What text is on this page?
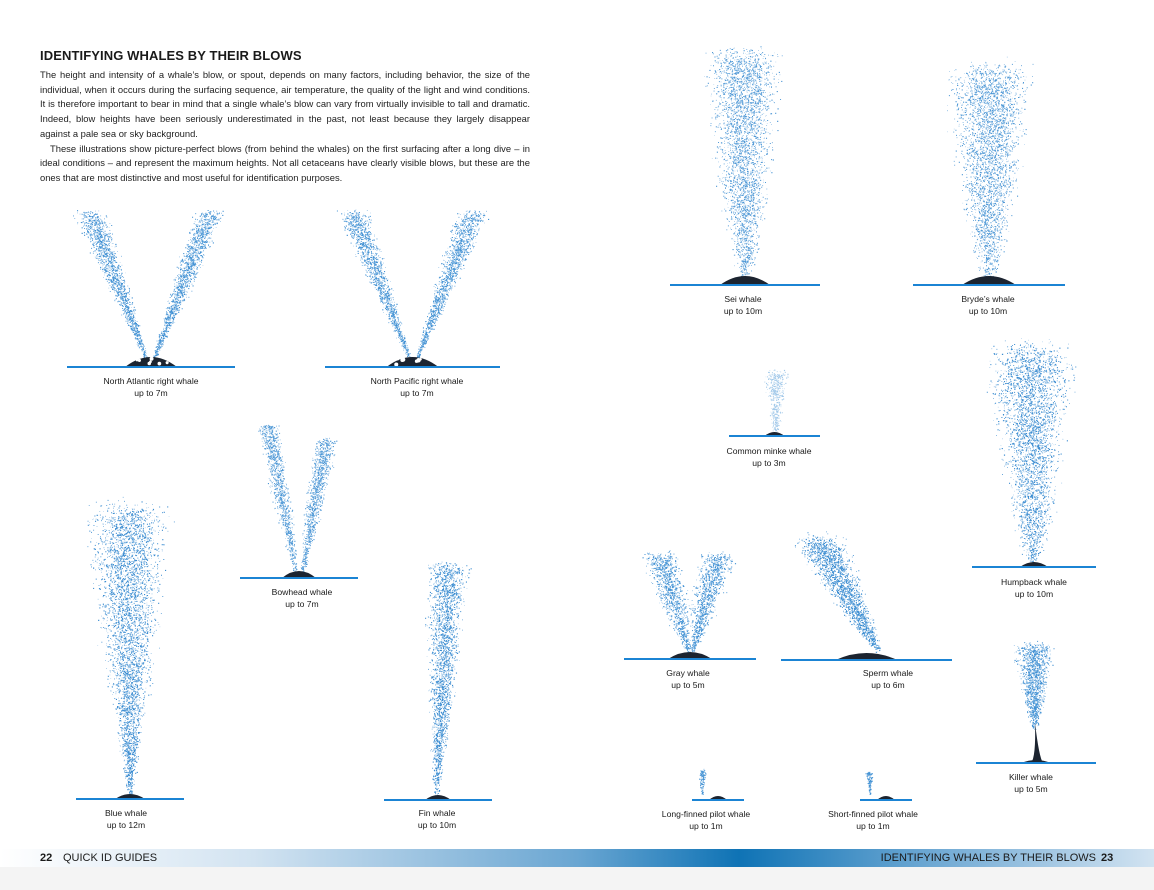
IDENTIFYING WHALES BY THEIR BLOWS

The height and intensity of a whale’s blow, or spout, depends on many factors, including behavior, the size of the individual, when it occurs during the surfacing sequence, air temperature, the quality of the light and wind conditions. It is therefore important to bear in mind that a single whale’s blow can vary from virtually invisible to tall and dramatic. Indeed, blow heights have been seriously underestimated in the past, not least because they largely disappear against a pale sea or sky background.

These illustrations show picture-perfect blows (from behind the whales) on the first surfacing after a long dive – in ideal conditions – and represent the maximum heights. Not all cetaceans have clearly visible blows, but these are the ones that are most distinctive and most useful for identification purposes.

North Atlantic right whale
up to 7m
North Pacific right whale
up to 7m
Bowhead whale
up to 7m
Blue whale
up to 12m
Fin whale
up to 10m
Sei whale
up to 10m
Bryde’s whale
up to 10m
Common minke whale
up to 3m
Humpback whale
up to 10m
Gray whale
up to 5m
Sperm whale
up to 6m
Killer whale
up to 5m
Long-finned pilot whale
up to 1m
Short-finned pilot whale
up to 1m
22 QUICK ID GUIDES	IDENTIFYING WHALES BY THEIR BLOWS 23
